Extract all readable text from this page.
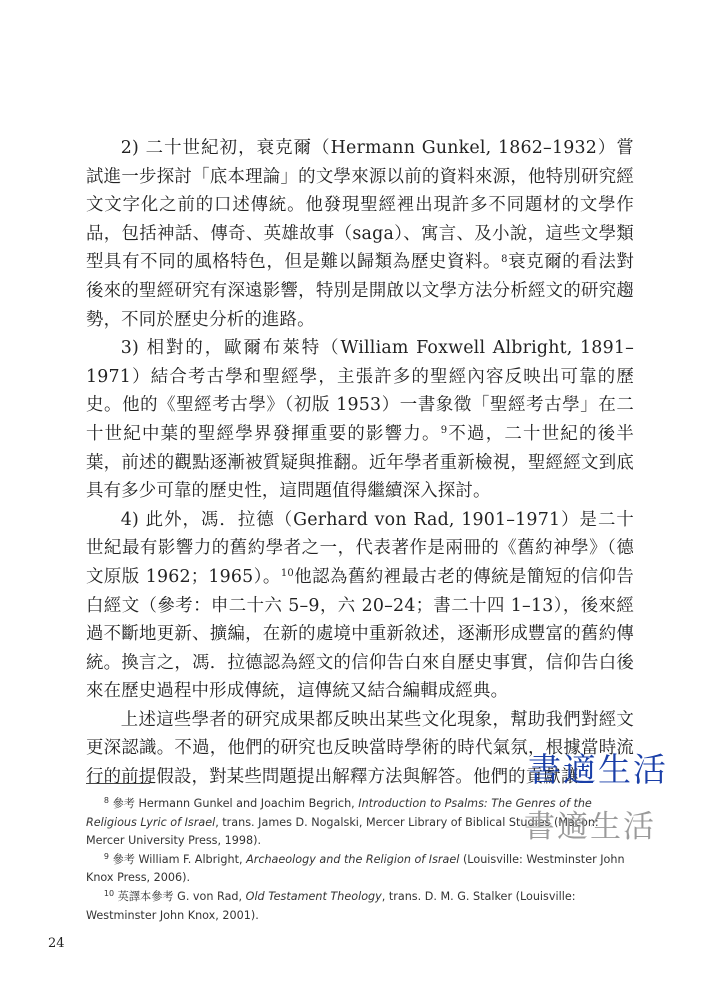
2) 二十世紀初，衰克爾（Hermann Gunkel, 1862–1932）嘗試進一步探討「底本理論」的文學來源以前的資料來源，他特別研究經文文字化之前的口述傳統。他發現聖經裡出現許多不同題材的文學作品，包括神話、傳奇、英雄故事（saga）、寓言、及小說，這些文學類型具有不同的風格特色，但是難以歸類為歷史資料。$^8$衰克爾的看法對後來的聖經研究有深遠影響，特別是開啟以文學方法分析經文的研究趨勢，不同於歷史分析的進路。

3) 相對的，歐爾布萊特（William Foxwell Albright, 1891–1971）結合考古學和聖經學，主張許多的聖經內容反映出可靠的歷史。他的《聖經考古學》（初版 1953）一書象徵「聖經考古學」在二十世紀中葉的聖經學界發揮重要的影響力。$^9$不過，二十世紀的後半葉，前述的觀點逐漸被質疑與推翻。近年學者重新檢視，聖經經文到底具有多少可靠的歷史性，這問題值得繼續深入探討。

4) 此外，馮．拉德（Gerhard von Rad, 1901–1971）是二十世紀最有影響力的舊約學者之一，代表著作是兩冊的《舊約神學》（德文原版 1962；1965）。$^{10}$他認為舊約裡最古老的傳統是簡短的信仰告白經文（參考：申二十六 5–9，六 20–24；書二十四 1–13），後來經過不斷地更新、擴編，在新的處境中重新敘述，逐漸形成豐富的舊約傳統。換言之，馮．拉德認為經文的信仰告白來自歷史事實，信仰告白後來在歷史過程中形成傳統，這傳統又結合編輯成經典。

上述這些學者的研究成果都反映出某些文化現象，幫助我們對經文更深認識。不過，他們的研究也反映當時學術的時代氣氛，根據當時流行的前提假設，對某些問題提出解釋方法與解答。他們的貢獻讓

書適生活

$^8$ 參考 Hermann Gunkel and Joachim Begrich, Introduction to Psalms: The Genres of the Religious Lyric of Israel, trans. James D. Nogalski, Mercer Library of Biblical Studies (Macon: Mercer University Press, 1998).

$^9$ 參考 William F. Albright, Archaeology and the Religion of Israel (Louisville: Westminster John Knox Press, 2006).

$^{10}$ 英譯本參考 G. von Rad, Old Testament Theology, trans. D. M. G. Stalker (Louisville: Westminster John Knox, 2001).

書適生活
24
